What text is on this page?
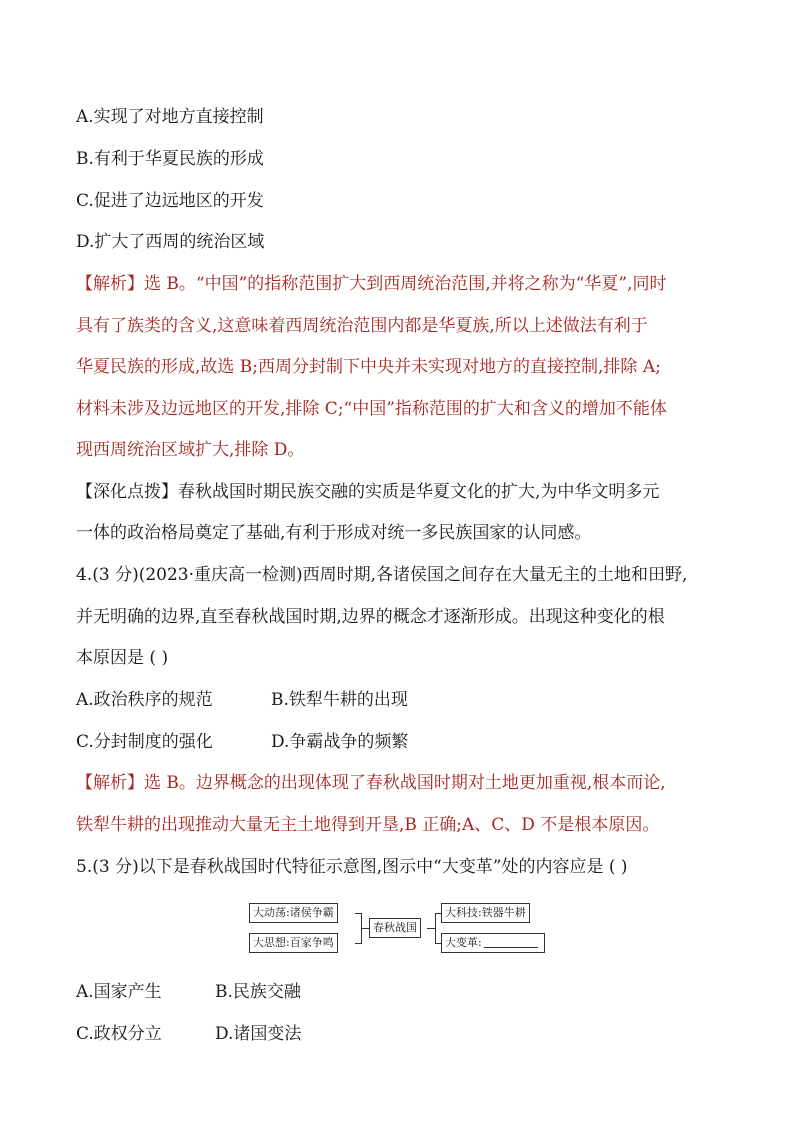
A.实现了对地方直接控制
B.有利于华夏民族的形成
C.促进了边远地区的开发
D.扩大了西周的统治区域
【解析】选 B。“中国”的指称范围扩大到西周统治范围,并将之称为“华夏”,同时
具有了族类的含义,这意味着西周统治范围内都是华夏族,所以上述做法有利于
华夏民族的形成,故选 B;西周分封制下中央并未实现对地方的直接控制,排除 A;
材料未涉及边远地区的开发,排除 C;“中国”指称范围的扩大和含义的增加不能体
现西周统治区域扩大,排除 D。
【深化点拨】春秋战国时期民族交融的实质是华夏文化的扩大,为中华文明多元
一体的政治格局奠定了基础,有利于形成对统一多民族国家的认同感。
4.(3 分)(2023·重庆高一检测)西周时期,各诸侯国之间存在大量无主的土地和田野,
并无明确的边界,直至春秋战国时期,边界的概念才逐渐形成。出现这种变化的根
本原因是 ( )
A.政治秩序的规范	B.铁犁牛耕的出现
C.分封制度的强化	D.争霸战争的频繁
【解析】选 B。边界概念的出现体现了春秋战国时期对土地更加重视,根本而论,
铁犁牛耕的出现推动大量无主土地得到开垦,B 正确;A、C、D 不是根本原因。
5.(3 分)以下是春秋战国时代特征示意图,图示中“大变革”处的内容应是 ( )
大动荡:诸侯争霸
大思想:百家争鸣
春秋战国
大科技:铁器牛耕
大变革:
A.国家产生	B.民族交融
C.政权分立	D.诸国变法
